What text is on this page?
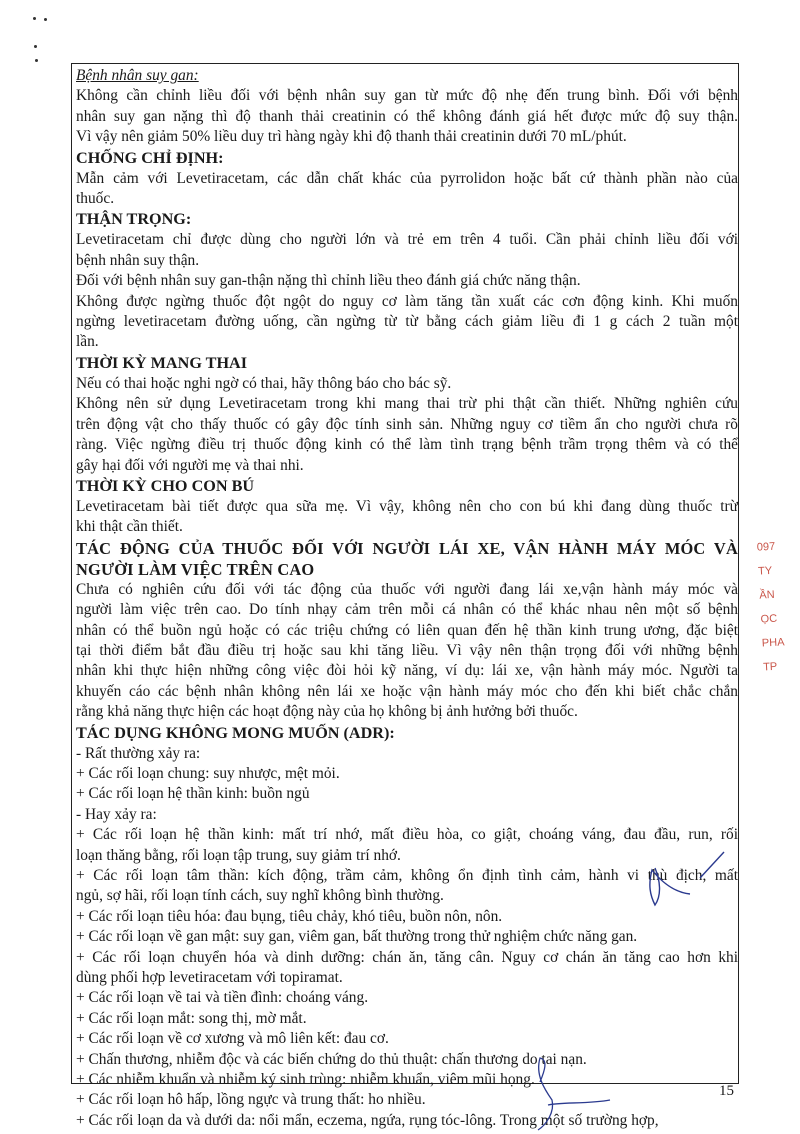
Bệnh nhân suy gan:
Không cần chỉnh liều đối với bệnh nhân suy gan từ mức độ nhẹ đến trung bình. Đối với bệnh
nhân suy gan nặng thì độ thanh thải creatinin có thể không đánh giá hết được mức độ suy thận.
Vì vậy nên giảm 50% liều duy trì hàng ngày khi độ thanh thải creatinin dưới 70 mL/phút.
CHỐNG CHỈ ĐỊNH:
Mẫn cảm với Levetiracetam, các dẫn chất khác của pyrrolidon hoặc bất cứ thành phần nào của
thuốc.
THẬN TRỌNG:
Levetiracetam chỉ được dùng cho người lớn và trẻ em trên 4 tuổi. Cần phải chỉnh liều đối với
bệnh nhân suy thận.
Đối với bệnh nhân suy gan-thận nặng thì chỉnh liều theo đánh giá chức năng thận.
Không được ngừng thuốc đột ngột do nguy cơ làm tăng tần xuất các cơn động kinh. Khi muốn
ngừng levetiracetam đường uống, cần ngừng từ từ bằng cách giảm liều đi 1 g cách 2 tuần một
lần.
THỜI KỲ MANG THAI
Nếu có thai hoặc nghi ngờ có thai, hãy thông báo cho bác sỹ.
Không nên sử dụng Levetiracetam trong khi mang thai trừ phi thật cần thiết. Những nghiên cứu
trên động vật cho thấy thuốc có gây độc tính sinh sản. Những nguy cơ tiềm ẩn cho người chưa rõ
ràng. Việc ngừng điều trị thuốc động kinh có thể làm tình trạng bệnh trầm trọng thêm và có thể
gây hại đối với người mẹ và thai nhi.
THỜI KỲ CHO CON BÚ
Levetiracetam bài tiết được qua sữa mẹ. Vì vậy, không nên cho con bú khi đang dùng thuốc trừ
khi thật cần thiết.
TÁC ĐỘNG CỦA THUỐC ĐỐI VỚI NGƯỜI LÁI XE, VẬN HÀNH MÁY MÓC VÀ
NGƯỜI LÀM VIỆC TRÊN CAO
Chưa có nghiên cứu đối với tác động của thuốc với người đang lái xe,vận hành máy móc và
người làm việc trên cao. Do tính nhạy cảm trên mỗi cá nhân có thể khác nhau nên một số bệnh
nhân có thể buồn ngủ hoặc có các triệu chứng có liên quan đến hệ thần kinh trung ương, đặc biệt
tại thời điểm bắt đầu điều trị hoặc sau khi tăng liều. Vì vậy nên thận trọng đối với những bệnh
nhân khi thực hiện những công việc đòi hỏi kỹ năng, ví dụ: lái xe, vận hành máy móc. Người ta
khuyến cáo các bệnh nhân không nên lái xe hoặc vận hành máy móc cho đến khi biết chắc chắn
rằng khả năng thực hiện các hoạt động này của họ không bị ảnh hưởng bởi thuốc.
TÁC DỤNG KHÔNG MONG MUỐN (ADR):
- Rất thường xảy ra:
+ Các rối loạn chung: suy nhược, mệt mỏi.
+ Các rối loạn hệ thần kinh: buồn ngủ
- Hay xảy ra:
+ Các rối loạn hệ thần kinh: mất trí nhớ, mất điều hòa, co giật, choáng váng, đau đầu, run, rối
loạn thăng bằng, rối loạn tập trung, suy giảm trí nhớ.
+ Các rối loạn tâm thần: kích động, trầm cảm, không ổn định tình cảm, hành vi thù địch, mất
ngủ, sợ hãi, rối loạn tính cách, suy nghĩ không bình thường.
+ Các rối loạn tiêu hóa: đau bụng, tiêu chảy, khó tiêu, buồn nôn, nôn.
+ Các rối loạn về gan mật: suy gan, viêm gan, bất thường trong thử nghiệm chức năng gan.
+ Các rối loạn chuyển hóa và dinh dưỡng: chán ăn, tăng cân. Nguy cơ chán ăn tăng cao hơn khi
dùng phối hợp levetiracetam với topiramat.
+ Các rối loạn về tai và tiền đình: choáng váng.
+ Các rối loạn mắt: song thị, mờ mắt.
+ Các rối loạn về cơ xương và mô liên kết: đau cơ.
+ Chấn thương, nhiễm độc và các biến chứng do thủ thuật: chấn thương do tai nạn.
+ Các nhiễm khuẩn và nhiễm ký sinh trùng: nhiễm khuẩn, viêm mũi họng.
+ Các rối loạn hô hấp, lồng ngực và trung thất: ho nhiều.
+ Các rối loạn da và dưới da: nổi mẩn, eczema, ngứa, rụng tóc-lông. Trong một số trường hợp,
15
097
TY
ẦN
ỌC
PHA
TP
